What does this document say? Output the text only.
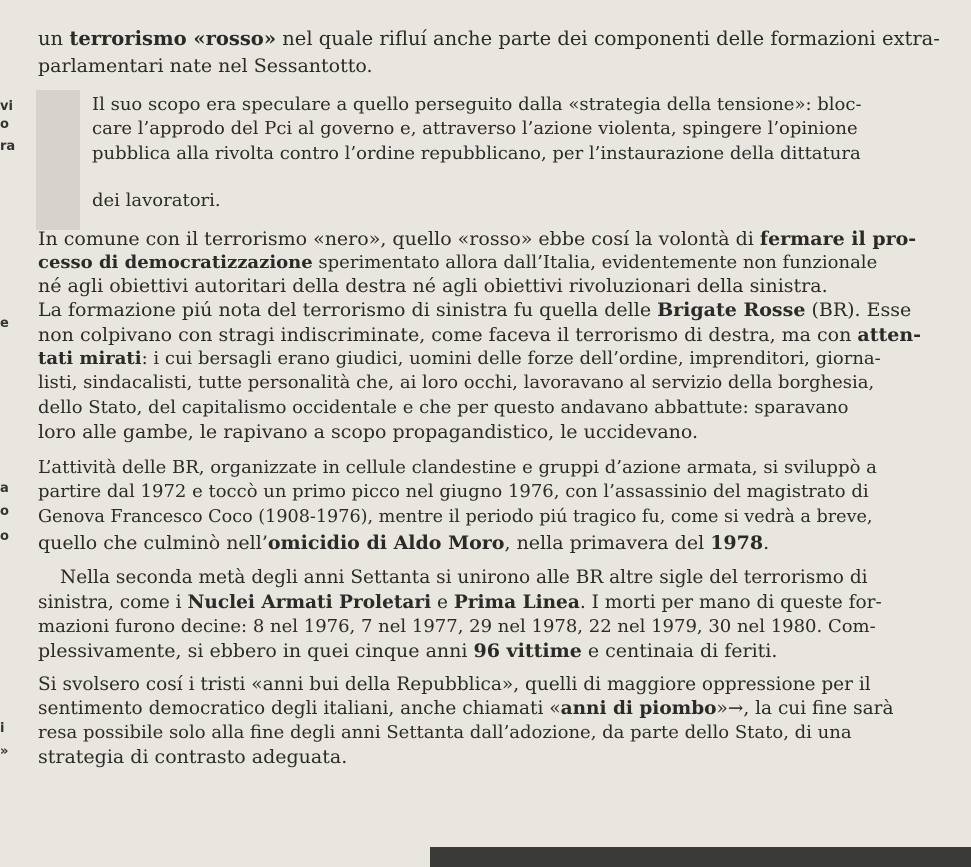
vi
o
ra
e
a
o
o
i
»
un terrorismo «rosso» nel quale rifluí anche parte dei componenti delle formazioni extra-
parlamentari nate nel Sessantotto.
Il suo scopo era speculare a quello perseguito dalla «strategia della tensione»: bloc-
care l’approdo del Pci al governo e, attraverso l’azione violenta, spingere l’opinione
pubblica alla rivolta contro l’ordine repubblicano, per l’instaurazione della dittatura
dei lavoratori.
In comune con il terrorismo «nero», quello «rosso» ebbe cosí la volontà di fermare il pro-
cesso di democratizzazione sperimentato allora dall’Italia, evidentemente non funzionale
né agli obiettivi autoritari della destra né agli obiettivi rivoluzionari della sinistra.
La formazione piú nota del terrorismo di sinistra fu quella delle Brigate Rosse (BR). Esse
non colpivano con stragi indiscriminate, come faceva il terrorismo di destra, ma con atten-
tati mirati: i cui bersagli erano giudici, uomini delle forze dell’ordine, imprenditori, giorna-
listi, sindacalisti, tutte personalità che, ai loro occhi, lavoravano al servizio della borghesia,
dello Stato, del capitalismo occidentale e che per questo andavano abbattute: sparavano
loro alle gambe, le rapivano a scopo propagandistico, le uccidevano.
L’attività delle BR, organizzate in cellule clandestine e gruppi d’azione armata, si sviluppò a
partire dal 1972 e toccò un primo picco nel giugno 1976, con l’assassinio del magistrato di
Genova Francesco Coco (1908-1976), mentre il periodo piú tragico fu, come si vedrà a breve,
quello che culminò nell’omicidio di Aldo Moro, nella primavera del 1978.
Nella seconda metà degli anni Settanta si unirono alle BR altre sigle del terrorismo di
sinistra, come i Nuclei Armati Proletari e Prima Linea. I morti per mano di queste for-
mazioni furono decine: 8 nel 1976, 7 nel 1977, 29 nel 1978, 22 nel 1979, 30 nel 1980. Com-
plessivamente, si ebbero in quei cinque anni 96 vittime e centinaia di feriti.
Si svolsero cosí i tristi «anni bui della Repubblica», quelli di maggiore oppressione per il
sentimento democratico degli italiani, anche chiamati «anni di piombo»→, la cui fine sarà
resa possibile solo alla fine degli anni Settanta dall’adozione, da parte dello Stato, di una
strategia di contrasto adeguata.
